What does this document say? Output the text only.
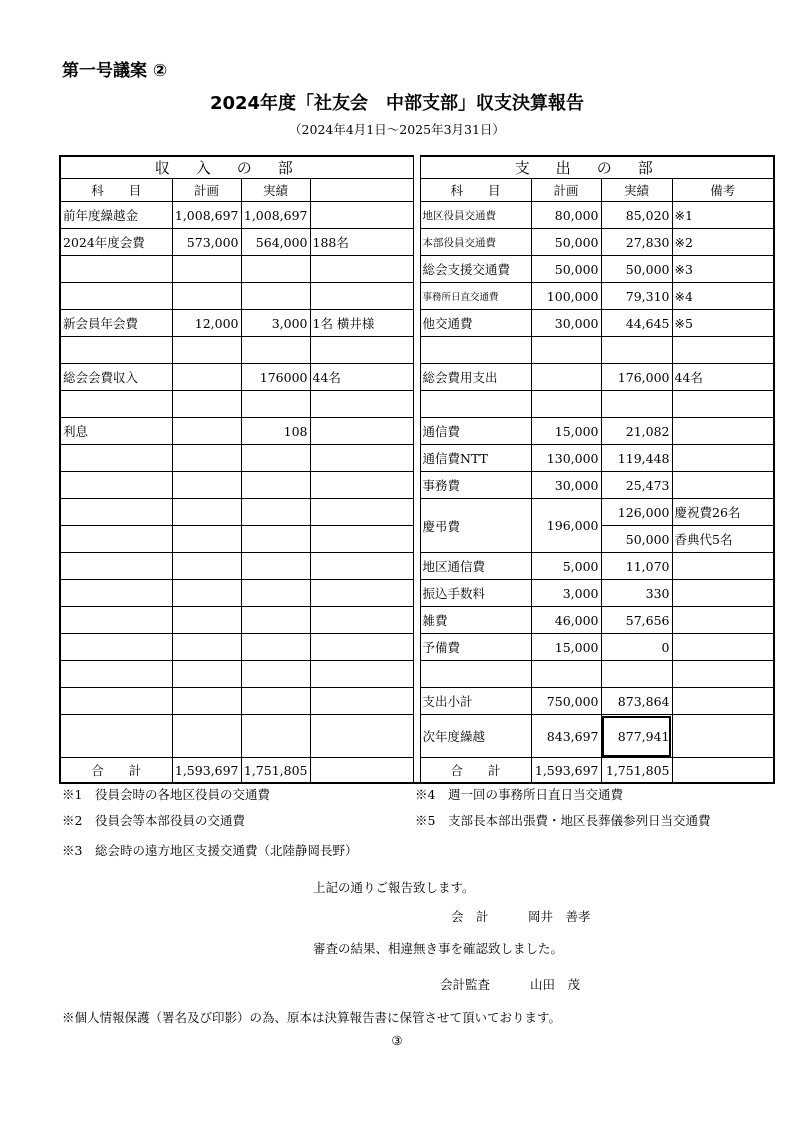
第一号議案 ②
2024年度「社友会　中部支部」収支決算報告
（2024年4月1日～2025年3月31日）
収入の部					支出の部			
科　　目	計画	実績			科　　目	計画	実績	備考
前年度繰越金	1,008,697	1,008,697			地区役員交通費	80,000	85,020	※1
2024年度会費	573,000	564,000	188名		本部役員交通費	50,000	27,830	※2
					総会支援交通費	50,000	50,000	※3
					事務所日直交通費	100,000	79,310	※4
新会員年会費	12,000	3,000	1名 横井様		他交通費	30,000	44,645	※5

総会会費収入		176000	44名		総会費用支出		176,000	44名

利息		108			通信費	15,000	21,082	
					通信費NTT	130,000	119,448	
					事務費	30,000	25,473	
					慶弔費	196,000	126,000	慶祝費26名
							50,000	香典代5名
					地区通信費	5,000	11,070	
					振込手数料	3,000	330	
					雑費	46,000	57,656	
					予備費	15,000	0	

					支出小計	750,000	873,864	
					次年度繰越	843,697	877,941	
合　　計	1,593,697	1,751,805			合　　計	1,593,697	1,751,805	
※1　役員会時の各地区役員の交通費	※4　週一回の事務所日直日当交通費
※2　役員会等本部役員の交通費	※5　支部長本部出張費・地区長葬儀参列日当交通費
※3　総会時の遠方地区支援交通費（北陸静岡長野）
上記の通りご報告致します。
会　計	岡井　善孝
審査の結果、相違無き事を確認致しました。
会計監査	山田　茂
※個人情報保護（署名及び印影）の為、原本は決算報告書に保管させて頂いております。
③
